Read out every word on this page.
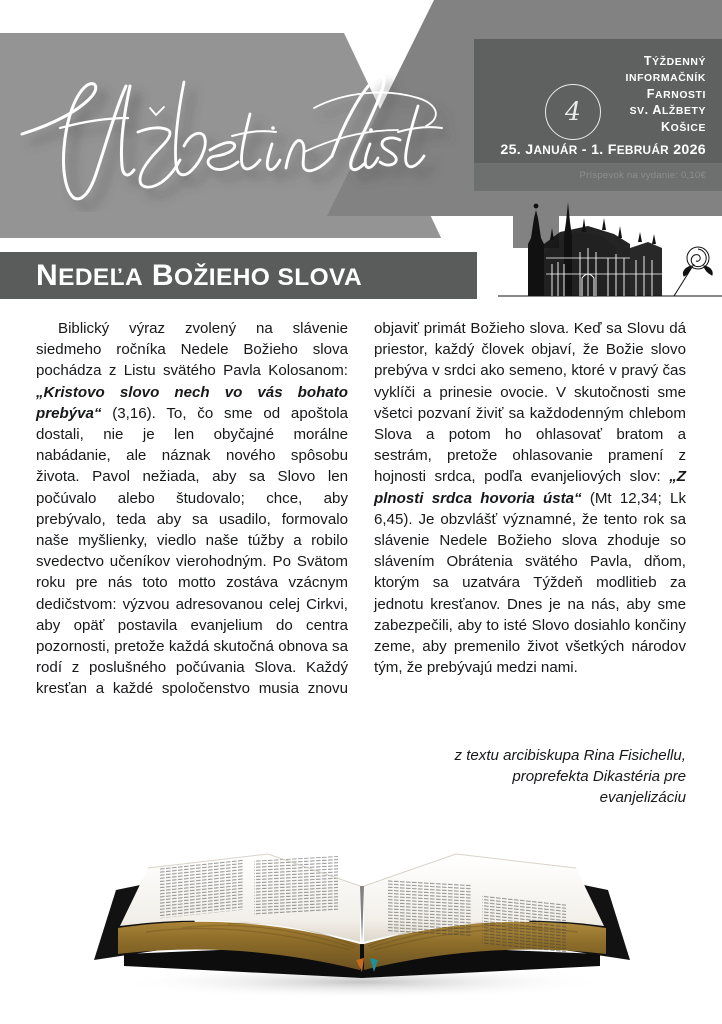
4
TÝŽDENNÝ
INFORMAČNÍK
FARNOSTI
SV. ALŽBETY
KOŠICE
25. JANUÁR - 1. FEBRUÁR 2026
Príspevok na vydanie: 0,10€
NEDEĽA BOŽIEHO SLOVA

Biblický výraz zvolený na slávenie siedmeho ročníka Nedele Božieho slova pochádza z Listu svätého Pavla Kolosanom: „Kristovo slovo nech vo vás bohato prebýva“ (3,16). To, čo sme od apoštola dostali, nie je len obyčajné morálne nabádanie, ale náznak nového spôsobu života. Pavol nežiada, aby sa Slovo len počúvalo alebo študovalo; chce, aby prebývalo, teda aby sa usadilo, formovalo naše myšlienky, viedlo naše túžby a robilo svedectvo učeníkov vierohodným. Po Svätom roku pre nás toto motto zostáva vzácnym dedičstvom: výzvou adresovanou celej Cirkvi, aby opäť postavila evanjelium do centra pozornosti, pretože každá skutočná obnova sa rodí z poslušného počúvania Slova. Každý kresťan a každé spoločenstvo musia znovu objaviť primát Božieho slova. Keď sa Slovu dá priestor, každý človek objaví, že Božie slovo prebýva v srdci ako semeno, ktoré v pravý čas vyklíči a prinesie ovocie. V skutočnosti sme všetci pozvaní živiť sa každodenným chlebom Slova a potom ho ohlasovať bratom a sestrám, pretože ohlasovanie pramení z hojnosti srdca, podľa evanjeliových slov: „Z plnosti srdca hovoria ústa“ (Mt 12,34; Lk 6,45). Je obzvlášť významné, že tento rok sa slávenie Nedele Božieho slova zhoduje so slávením Obrátenia svätého Pavla, dňom, ktorým sa uzatvára Týždeň modlitieb za jednotu kresťanov. Dnes je na nás, aby sme zabezpečili, aby to isté Slovo dosiahlo končiny zeme, aby premenilo život všetkých národov tým, že prebývajú medzi nami.

z textu arcibiskupa Rina Fisichellu,
proprefekta Dikastéria pre
evanjelizáciu
